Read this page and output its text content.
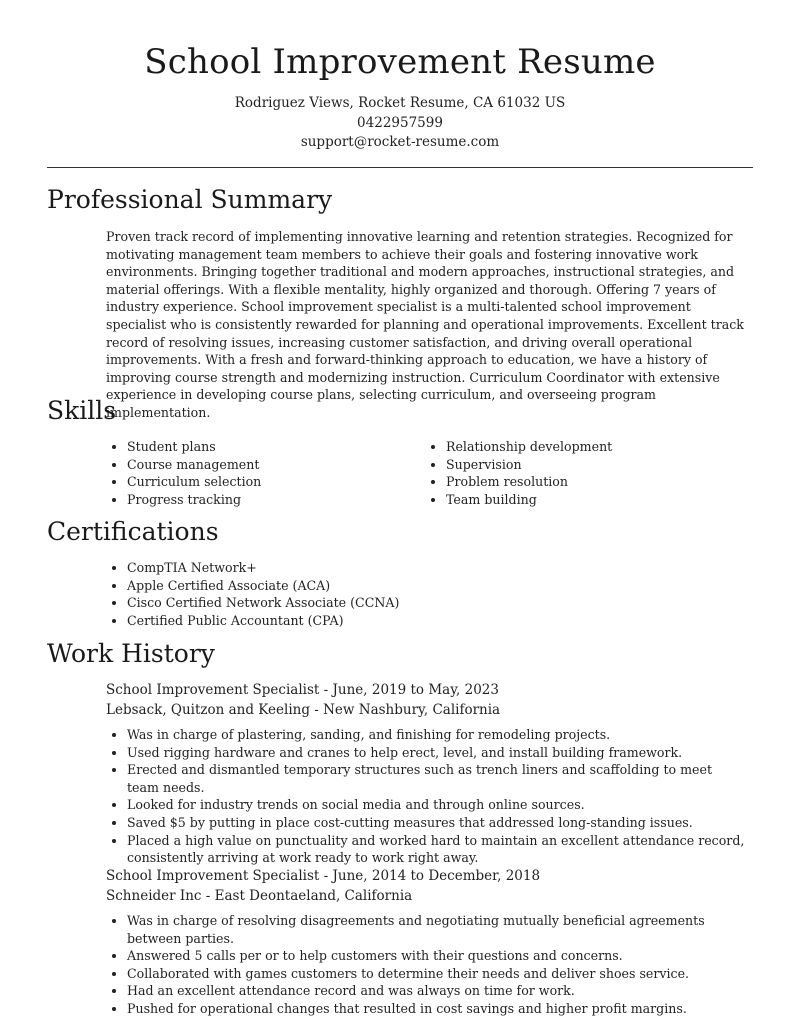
School Improvement Resume
Rodriguez Views, Rocket Resume, CA 61032 US
0422957599
support@rocket-resume.com
Professional Summary

Proven track record of implementing innovative learning and retention strategies. Recognized for motivating management team members to achieve their goals and fostering innovative work environments. Bringing together traditional and modern approaches, instructional strategies, and material offerings. With a flexible mentality, highly organized and thorough. Offering 7 years of industry experience. School improvement specialist is a multi-talented school improvement specialist who is consistently rewarded for planning and operational improvements. Excellent track record of resolving issues, increasing customer satisfaction, and driving overall operational improvements. With a fresh and forward-thinking approach to education, we have a history of improving course strength and modernizing instruction. Curriculum Coordinator with extensive experience in developing course plans, selecting curriculum, and overseeing program implementation.

Skills
• Student plans
• Course management
• Curriculum selection
• Progress tracking
• Relationship development
• Supervision
• Problem resolution
• Team building
Certifications
• CompTIA Network+
• Apple Certified Associate (ACA)
• Cisco Certified Network Associate (CCNA)
• Certified Public Accountant (CPA)
Work History
School Improvement Specialist - June, 2019 to May, 2023
Lebsack, Quitzon and Keeling - New Nashbury, California
• Was in charge of plastering, sanding, and finishing for remodeling projects.
• Used rigging hardware and cranes to help erect, level, and install building framework.
• Erected and dismantled temporary structures such as trench liners and scaffolding to meet team needs.
• Looked for industry trends on social media and through online sources.
• Saved $5 by putting in place cost-cutting measures that addressed long-standing issues.
• Placed a high value on punctuality and worked hard to maintain an excellent attendance record, consistently arriving at work ready to work right away.
School Improvement Specialist - June, 2014 to December, 2018
Schneider Inc - East Deontaeland, California
• Was in charge of resolving disagreements and negotiating mutually beneficial agreements between parties.
• Answered 5 calls per or to help customers with their questions and concerns.
• Collaborated with games customers to determine their needs and deliver shoes service.
• Had an excellent attendance record and was always on time for work.
• Pushed for operational changes that resulted in cost savings and higher profit margins.
